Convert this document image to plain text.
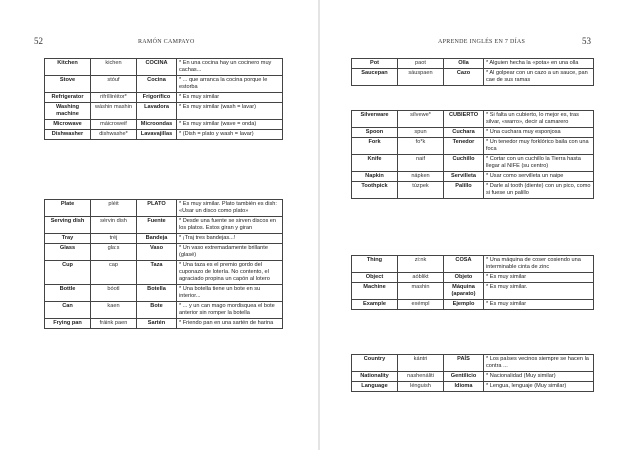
52	RAMÓN CAMPAYO
Kitchen	kichen	COCINA	* En una cocina hay un cocinero muy cachas...
Stove	stóuf	Cocina	* ... que arranca la cocina porque le estorba
Refrigerator	rifrílliréitor*	Frigorífico	* Es muy similar
Washing machine	wáshin mashin	Lavadora	* Es muy similar (wash = lavar)
Microwave	máicroweif	Microondas	* Es muy similar (wave = onda)
Dishwasher	dishwashe*	Lavavajillas	* (Dish = plato y wash = lavar)
Plate	pléit	PLATO	* Es muy similar. Plato también es dish: «Usar un disco como plato»
Serving dish	sérvin dish	Fuente	* Desde una fuente se sirven discos en los platos. Estos giran y giran
Tray	tréj	Bandeja	* ¡Traj tres bandejas...!
Glass	gla:s	Vaso	* Un vaso extremadamente brillante (glasé)
Cup	cap	Taza	* Una taza es el premio gordo del cuponazo de lotería. No contento, el agraciado propina un capón al lotero
Bottle	bóotl	Botella	* Una botella tiene un bote en su interior...
Can	kaen	Bote	* ... y un can mago mordisquea el bote anterior sin romper la botella
Frying pan	fráink paen	Sartén	* Friendo pan en una sartén de harina
APRENDE INGLÉS EN 7 DÍAS	53
Pot	paot	Olla	* Alguien hecha la «pota» en una olla
Saucepan	sáuspaen	Cazo	* Al golpear con un cazo a un sauce, pan cae de sus ramas
Silverware	sílvewe*	CUBIERTO	* Si falta un cubierto, lo mejor es, tras silvar, «warro», decir al camarero
Spoon	spun	Cuchara	* Una cuchara muy esponjosa
Fork	fo*k	Tenedor	* Un tenedor muy forklórico baila con una foca
Knife	naif	Cuchillo	* Cortar con un cuchillo la Tierra hasta llegar al NIFE (su centro)
Napkin	nápken	Servilleta	* Usar como servilleta un naipe
Toothpick	túzpek	Palillo	* Darle al tooth (diente) con un pico, como si fuese un palillo
Thing	zi:nk	COSA	* Una máquina de coser cosiendo una interminable cinta de zinc
Object	aóblikt	Objeto	* Es muy similar
Machine	mashin	Máquina (aparato)	* Es muy similar.
Example	exémpl	Ejemplo	* Es muy similar
Country	kántri	PAÍS	* Los países vecinos siempre se hacen la contra ...
Nationality	nashenáliti	Gentilicio	* Nacionalidad (Muy similar)
Language	lénguish	Idioma	* Lengua, lenguaje (Muy similar)
